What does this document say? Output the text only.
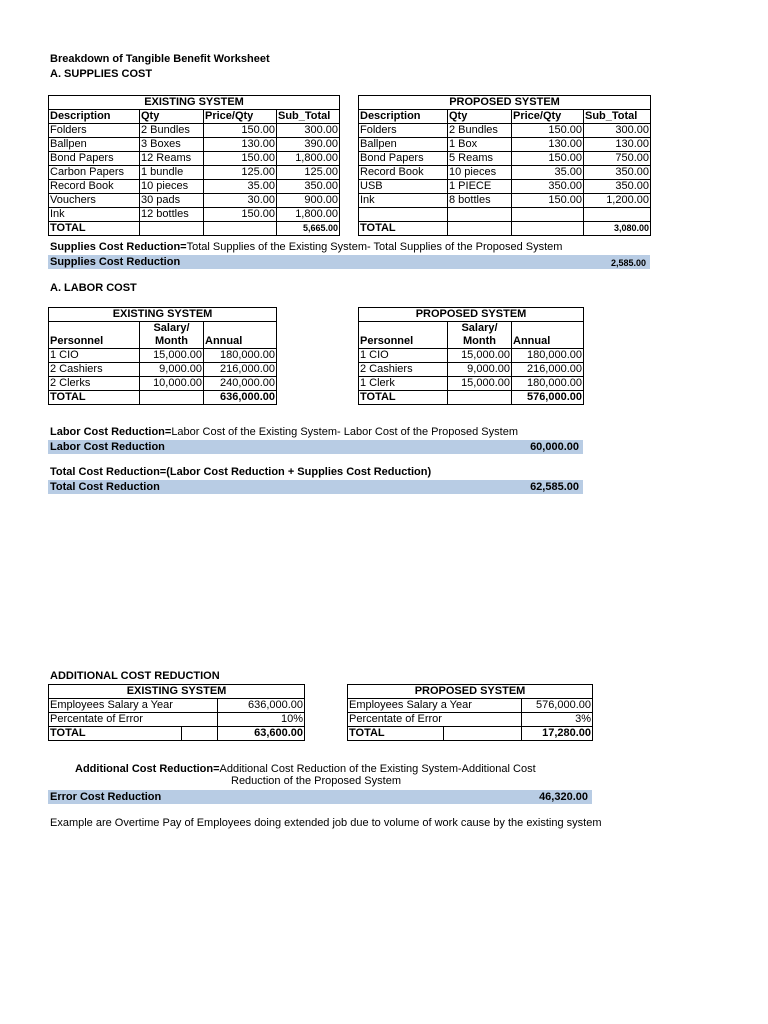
Breakdown of Tangible Benefit Worksheet
A. SUPPLIES COST
EXISTING SYSTEM			
Description	Qty	Price/Qty	Sub_Total
Folders	2 Bundles	150.00	300.00
Ballpen	3 Boxes	130.00	390.00
Bond Papers	12 Reams	150.00	1,800.00
Carbon Papers	1 bundle	125.00	125.00
Record Book	10 pieces	35.00	350.00
Vouchers	30 pads	30.00	900.00
Ink	12 bottles	150.00	1,800.00
TOTAL			5,665.00
PROPOSED SYSTEM			
Description	Qty	Price/Qty	Sub_Total
Folders	2 Bundles	150.00	300.00
Ballpen	1 Box	130.00	130.00
Bond Papers	5 Reams	150.00	750.00
Record Book	10 pieces	35.00	350.00
USB	1 PIECE	350.00	350.00
Ink	8 bottles	150.00	1,200.00

TOTAL			3,080.00
Supplies Cost Reduction=Total Supplies of the Existing System- Total Supplies of the Proposed System
Supplies Cost Reduction	2,585.00
A. LABOR COST
EXISTING SYSTEM		
	Salary/	
Personnel	Month	Annual
1 CIO	15,000.00	180,000.00
2 Cashiers	9,000.00	216,000.00
2 Clerks	10,000.00	240,000.00
TOTAL		636,000.00
PROPOSED SYSTEM		
	Salary/	
Personnel	Month	Annual
1 CIO	15,000.00	180,000.00
2 Cashiers	9,000.00	216,000.00
1 Clerk	15,000.00	180,000.00
TOTAL		576,000.00
Labor Cost Reduction=Labor Cost of the Existing System- Labor Cost of the Proposed System
Labor Cost Reduction	60,000.00
Total Cost Reduction=(Labor Cost Reduction + Supplies Cost Reduction)
Total Cost Reduction	62,585.00
ADDITIONAL COST REDUCTION
EXISTING SYSTEM		
Employees Salary a Year		636,000.00
Percentate of Error		10%
TOTAL		63,600.00
PROPOSED SYSTEM		
Employees Salary a Year		576,000.00
Percentate of Error		3%
TOTAL		17,280.00
Additional Cost Reduction=Additional Cost Reduction of the Existing System-Additional Cost
Reduction of the Proposed System
Error Cost Reduction	46,320.00
Example are Overtime Pay of Employees doing extended job due to volume of work cause by the existing system
